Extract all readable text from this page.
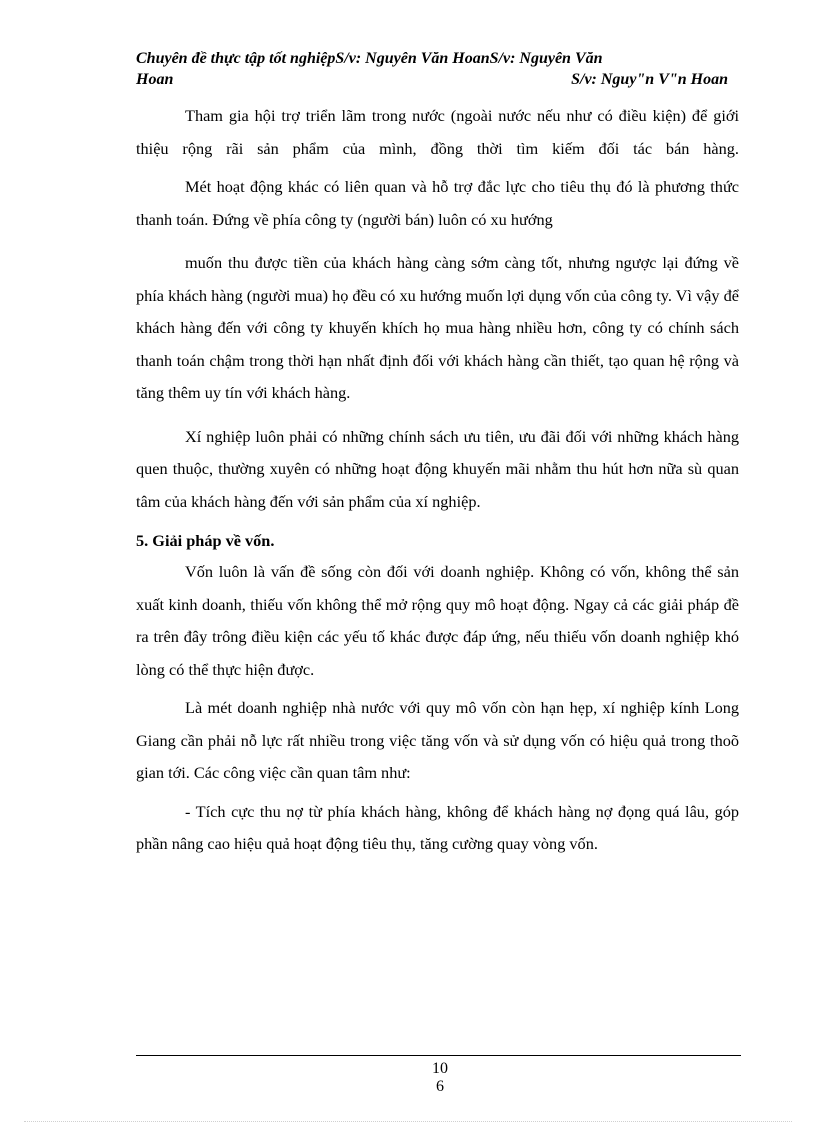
Chuyên đề thực tập tốt nghiệpS/v: Nguyên Văn HoanS/v: Nguyên Văn
Hoan	S/v: Nguy"n V"n Hoan

Tham gia hội trợ triển lãm trong nước (ngoài nước nếu như có điều kiện) để giới thiệu rộng rãi sản phẩm của mình, đồng thời tìm kiếm đối tác bán hàng.

Mét hoạt động khác có liên quan và hỗ trợ đắc lực cho tiêu thụ đó là phương thức thanh toán. Đứng về phía công ty (người bán) luôn có xu hướng

muốn thu được tiền của khách hàng càng sớm càng tốt, nhưng ngược lại đứng về phía khách hàng (người mua) họ đều có xu hướng muốn lợi dụng vốn của công ty. Vì vậy để khách hàng đến với công ty khuyến khích họ mua hàng nhiều hơn, công ty có chính sách thanh toán chậm trong thời hạn nhất định đối với khách hàng cần thiết, tạo quan hệ rộng và tăng thêm uy tín với khách hàng.

Xí nghiệp luôn phải có những chính sách ưu tiên, ưu đãi đối với những khách hàng quen thuộc, thường xuyên có những hoạt động khuyến mãi nhằm thu hút hơn nữa sù quan tâm của khách hàng đến với sản phẩm của xí nghiệp.

5. Giải pháp về vốn.

Vốn luôn là vấn đề sống còn đối với doanh nghiệp. Không có vốn, không thể sản xuất kinh doanh, thiếu vốn không thể mở rộng quy mô hoạt động. Ngay cả các giải pháp đề ra trên đây trông điều kiện các yếu tố khác được đáp ứng, nếu thiếu vốn doanh nghiệp khó lòng có thể thực hiện được.

Là mét doanh nghiệp nhà nước với quy mô vốn còn hạn hẹp, xí nghiệp kính Long Giang cần phải nỗ lực rất nhiều trong việc tăng vốn và sử dụng vốn có hiệu quả trong thoõ gian tới. Các công việc cần quan tâm như:

- Tích cực thu nợ từ phía khách hàng, không để khách hàng nợ đọng quá lâu, góp phần nâng cao hiệu quả hoạt động tiêu thụ, tăng cường quay vòng vốn.

106
